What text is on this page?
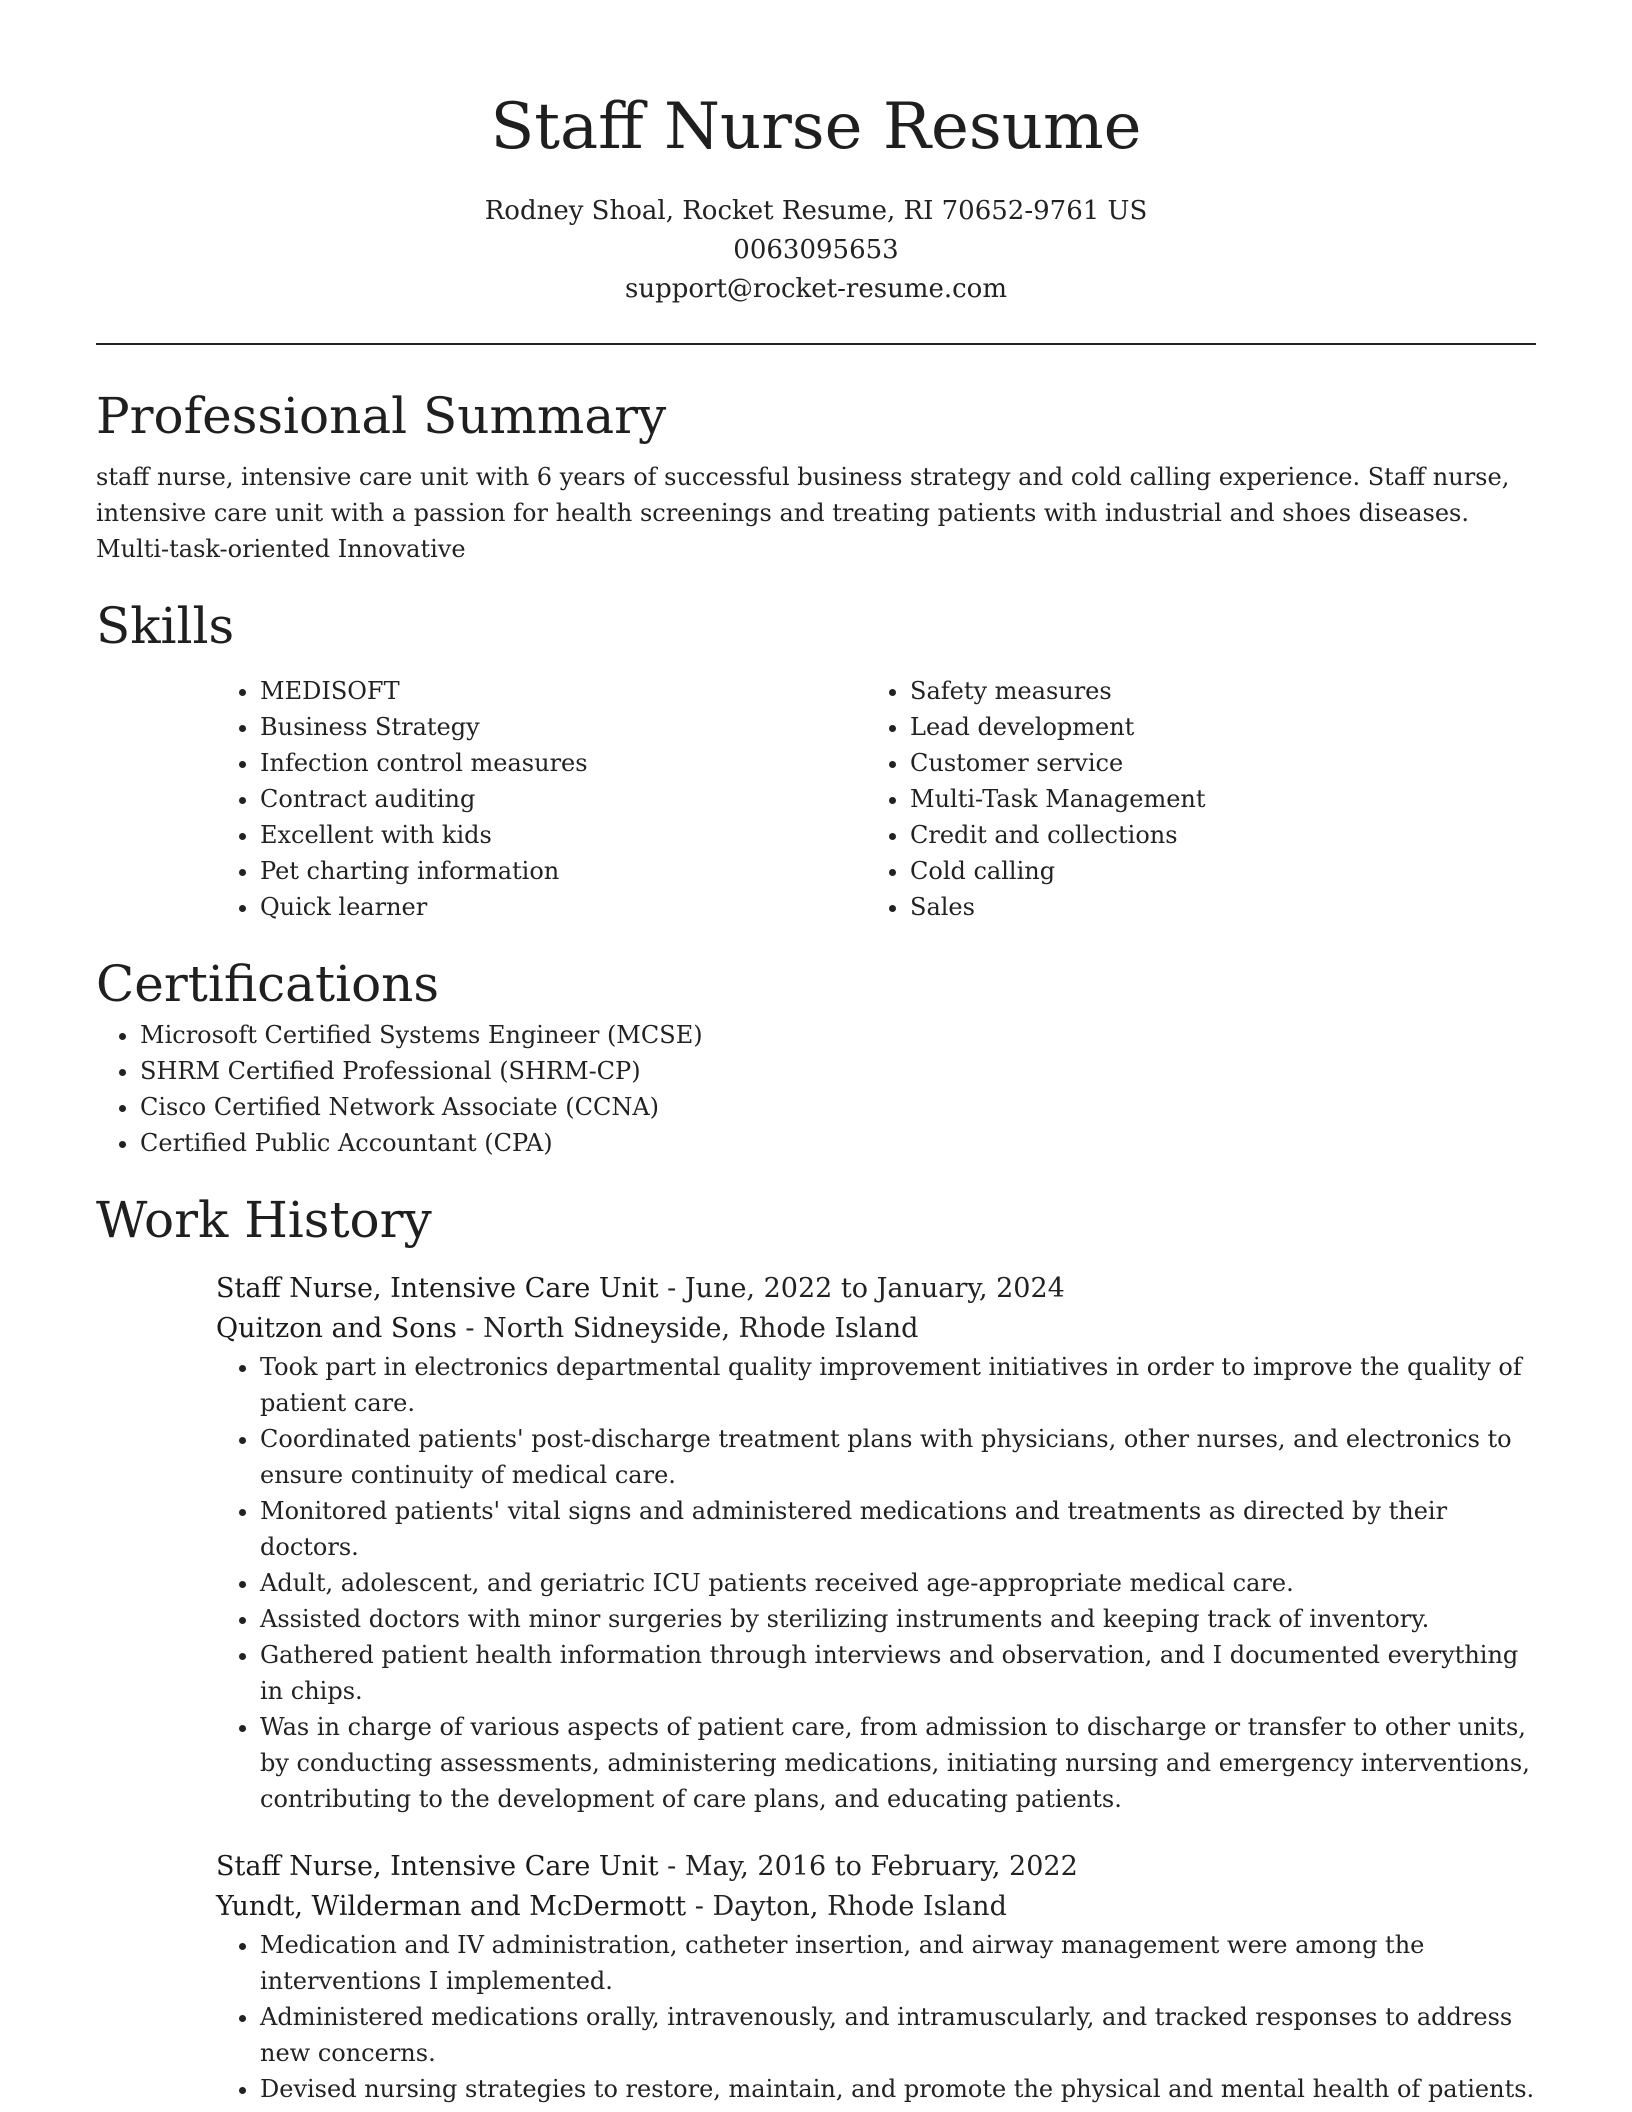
Staff Nurse Resume

Rodney Shoal, Rocket Resume, RI 70652-9761 US

0063095653

support@rocket-resume.com

Professional Summary

staff nurse, intensive care unit with 6 years of successful business strategy and cold calling experience. Staff nurse, intensive care unit with a passion for health screenings and treating patients with industrial and shoes diseases. Multi-task-oriented Innovative

Skills
• MEDISOFT
• Business Strategy
• Infection control measures
• Contract auditing
• Excellent with kids
• Pet charting information
• Quick learner
• Safety measures
• Lead development
• Customer service
• Multi-Task Management
• Credit and collections
• Cold calling
• Sales
Certifications
• Microsoft Certified Systems Engineer (MCSE)
• SHRM Certified Professional (SHRM-CP)
• Cisco Certified Network Associate (CCNA)
• Certified Public Accountant (CPA)
Work History

Staff Nurse, Intensive Care Unit - June, 2022 to January, 2024

Quitzon and Sons - North Sidneyside, Rhode Island

• Took part in electronics departmental quality improvement initiatives in order to improve the quality of patient care.
• Coordinated patients' post-discharge treatment plans with physicians, other nurses, and electronics to ensure continuity of medical care.
• Monitored patients' vital signs and administered medications and treatments as directed by their doctors.
• Adult, adolescent, and geriatric ICU patients received age-appropriate medical care.
• Assisted doctors with minor surgeries by sterilizing instruments and keeping track of inventory.
• Gathered patient health information through interviews and observation, and I documented everything in chips.
• Was in charge of various aspects of patient care, from admission to discharge or transfer to other units, by conducting assessments, administering medications, initiating nursing and emergency interventions, contributing to the development of care plans, and educating patients.

Staff Nurse, Intensive Care Unit - May, 2016 to February, 2022

Yundt, Wilderman and McDermott - Dayton, Rhode Island

• Medication and IV administration, catheter insertion, and airway management were among the interventions I implemented.
• Administered medications orally, intravenously, and intramuscularly, and tracked responses to address new concerns.
• Devised nursing strategies to restore, maintain, and promote the physical and mental health of patients.
